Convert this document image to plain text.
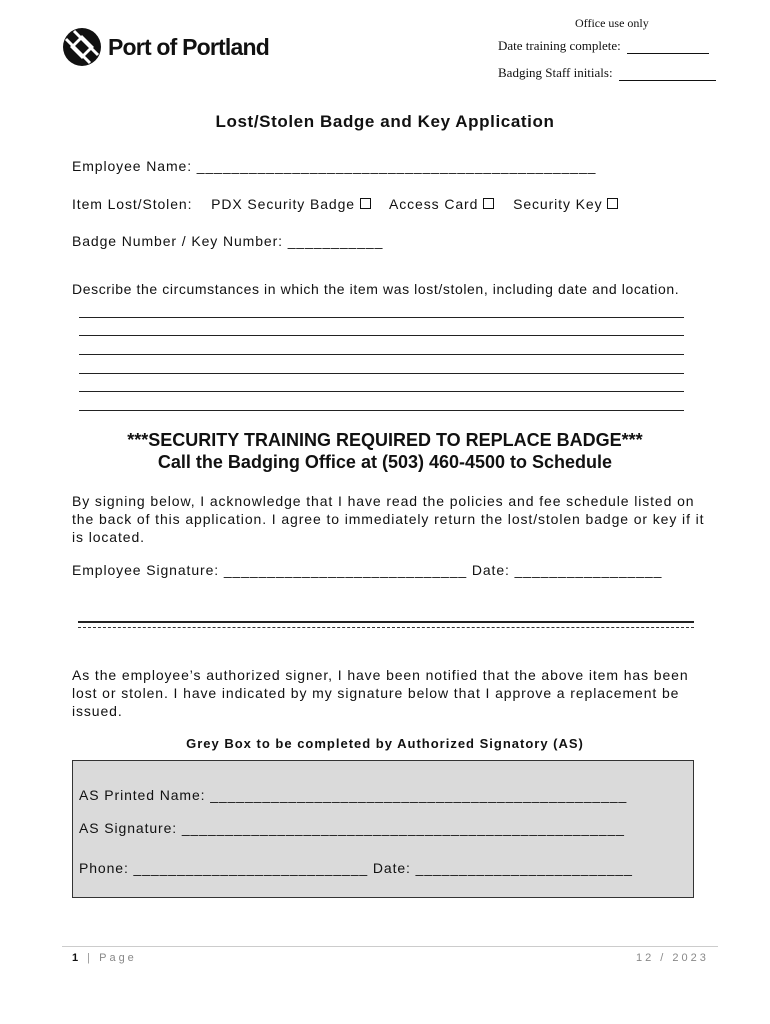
Port of Portland
Office use only
Date training complete:
Badging Staff initials:
Lost/Stolen Badge and Key Application
Employee Name: ______________________________________________
Item Lost/Stolen: PDX Security Badge Access Card Security Key
Badge Number / Key Number: ___________
Describe the circumstances in which the item was lost/stolen, including date and location.
***SECURITY TRAINING REQUIRED TO REPLACE BADGE***
Call the Badging Office at (503) 460-4500 to Schedule
By signing below, I acknowledge that I have read the policies and fee schedule listed on the back of this application. I agree to immediately return the lost/stolen badge or key if it is located.
Employee Signature: ____________________________ Date: _________________
As the employee’s authorized signer, I have been notified that the above item has been lost or stolen. I have indicated by my signature below that I approve a replacement be issued.
Grey Box to be completed by Authorized Signatory (AS)
AS Printed Name: ________________________________________________
AS Signature: ___________________________________________________
Phone: ___________________________ Date: _________________________
1 | Page	12 / 2023
